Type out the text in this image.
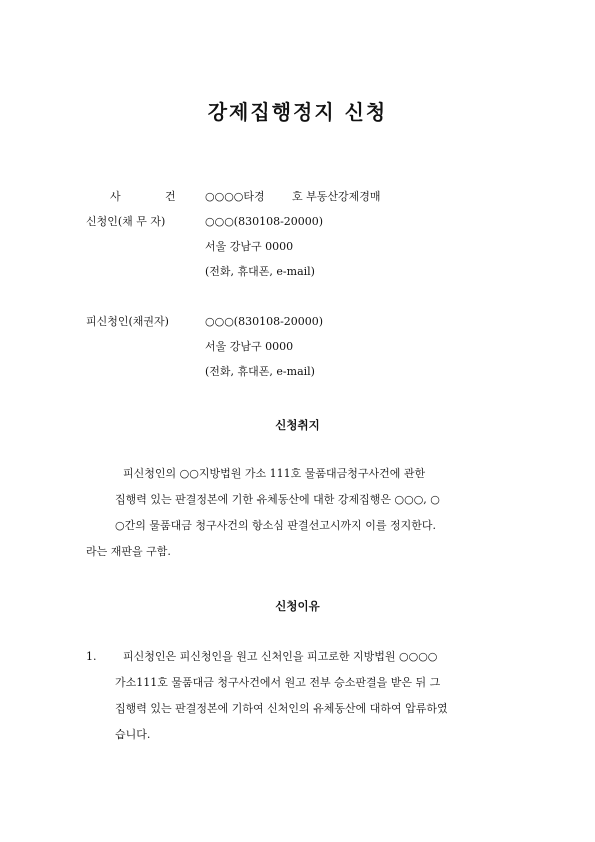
강제집행정지 신청
사	건	○○○○타경 호 부동산강제경매
신청인(채 무 자)	○○○(830108-20000)
서울 강남구 0000
(전화, 휴대폰, e-mail)
피신청인(채권자)	○○○(830108-20000)
서울 강남구 0000
(전화, 휴대폰, e-mail)
신청취지
피신청인의 ○○지방법원 가소 111호 물품대금청구사건에 관한
집행력 있는 판결정본에 기한 유체동산에 대한 강제집행은 ○○○, ○
○간의 물품대금 청구사건의 항소심 판결선고시까지 이를 정지한다.
라는 재판을 구함.
신청이유
1. 피신청인은 피신청인을 원고 신처인을 피고로한 지방법원 ○○○○
가소111호 물품대금 청구사건에서 원고 전부 승소판결을 받은 뒤 그
집행력 있는 판결정본에 기하여 신처인의 유체동산에 대하여 압류하였
습니다.
